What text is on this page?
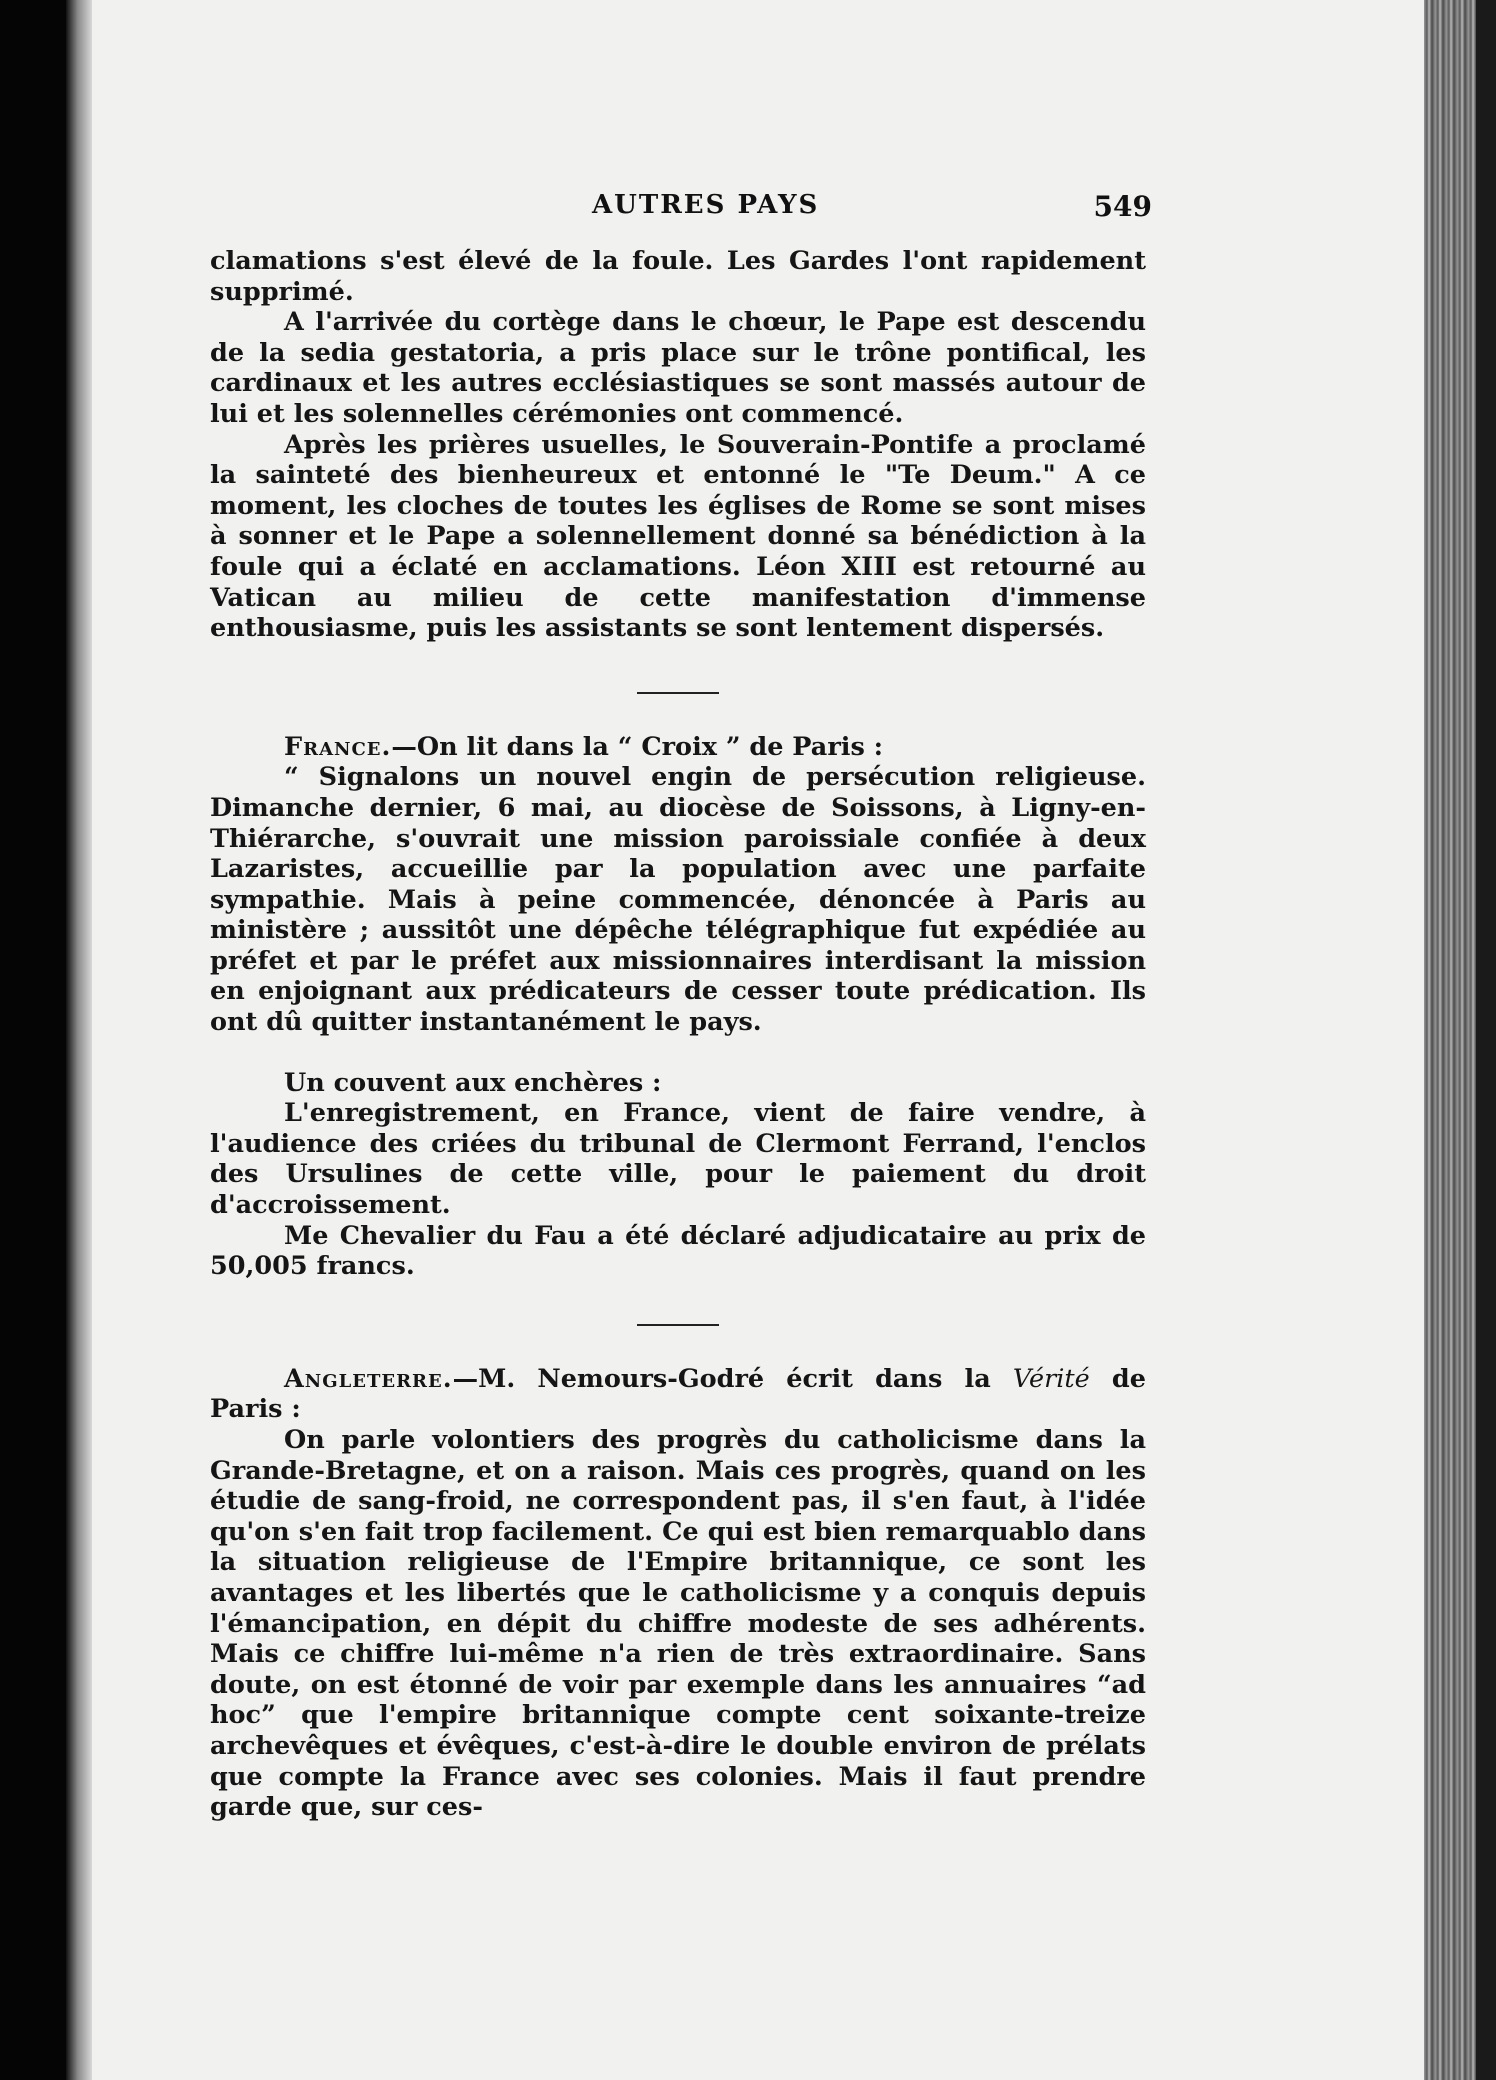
AUTRES PAYS	549

clamations s'est élevé de la foule. Les Gardes l'ont rapidement supprimé.

A l'arrivée du cortège dans le chœur, le Pape est descendu de la sedia gestatoria, a pris place sur le trône pontifical, les cardinaux et les autres ecclésiastiques se sont massés autour de lui et les solennelles cérémonies ont commencé.

Après les prières usuelles, le Souverain-Pontife a proclamé la sainteté des bienheureux et entonné le "Te Deum." A ce moment, les cloches de toutes les églises de Rome se sont mises à sonner et le Pape a solennellement donné sa bénédiction à la foule qui a éclaté en acclamations. Léon XIII est retourné au Vatican au milieu de cette manifestation d'immense enthousiasme, puis les assistants se sont lentement dispersés.

France.—On lit dans la “ Croix ” de Paris :

“ Signalons un nouvel engin de persécution religieuse. Dimanche dernier, 6 mai, au diocèse de Soissons, à Ligny-en-Thiérarche, s'ouvrait une mission paroissiale confiée à deux Lazaristes, accueillie par la population avec une parfaite sympathie. Mais à peine commencée, dénoncée à Paris au ministère ; aussitôt une dépêche télégraphique fut expédiée au préfet et par le préfet aux missionnaires interdisant la mission en enjoignant aux prédicateurs de cesser toute prédication. Ils ont dû quitter instantanément le pays.

Un couvent aux enchères :

L'enregistrement, en France, vient de faire vendre, à l'audience des criées du tribunal de Clermont Ferrand, l'enclos des Ursulines de cette ville, pour le paiement du droit d'accroissement.

Me Chevalier du Fau a été déclaré adjudicataire au prix de 50,005 francs.

Angleterre.—M. Nemours-Godré écrit dans la Vérité de Paris :

On parle volontiers des progrès du catholicisme dans la Grande-Bretagne, et on a raison. Mais ces progrès, quand on les étudie de sang-froid, ne correspondent pas, il s'en faut, à l'idée qu'on s'en fait trop facilement. Ce qui est bien remarquablo dans la situation religieuse de l'Empire britannique, ce sont les avantages et les libertés que le catholicisme y a conquis depuis l'émancipation, en dépit du chiffre modeste de ses adhérents. Mais ce chiffre lui-même n'a rien de très extraordinaire. Sans doute, on est étonné de voir par exemple dans les annuaires “ad hoc” que l'empire britannique compte cent soixante-treize archevêques et évêques, c'est-à-dire le double environ de prélats que compte la France avec ses colonies. Mais il faut prendre garde que, sur ces-
